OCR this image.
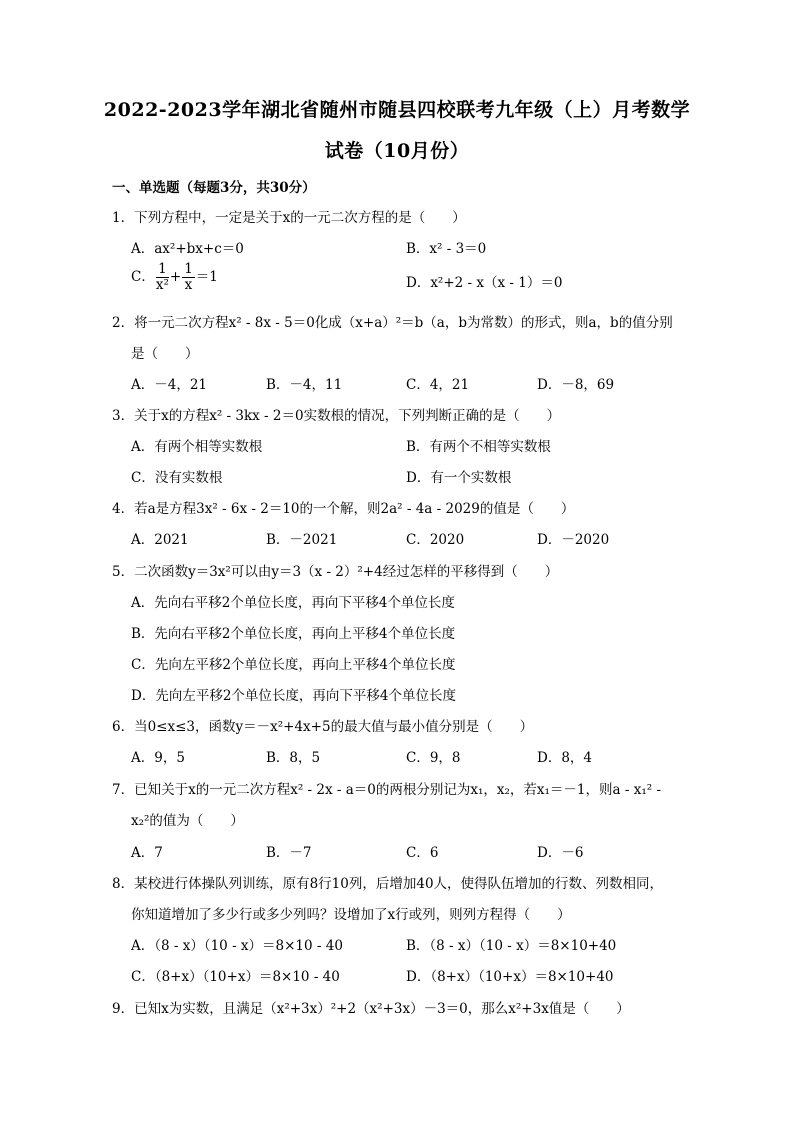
2022-2023学年湖北省随州市随县四校联考九年级（上）月考数学
试卷（10月份）
一、单选题（每题3分，共30分）
1．下列方程中，一定是关于x的一元二次方程的是（　　）
A．ax²+bx+c＝0	B．x² - 3＝0
C． $\frac{1}{\text{x²}} + \frac{1}{x} =1$	D．x²+2 - x（x - 1）＝0
2．将一元二次方程x² - 8x - 5＝0化成（x+a）²＝b（a，b为常数）的形式，则a，b的值分别
是（　　）
A．－4，21	B．－4，11	C．4，21	D．－8，69
3．关于x的方程x² - 3kx - 2＝0实数根的情况，下列判断正确的是（　　）
A．有两个相等实数根	B．有两个不相等实数根
C．没有实数根	D．有一个实数根
4．若a是方程3x² - 6x - 2＝10的一个解，则2a² - 4a - 2029的值是（　　）
A．2021	B．－2021	C．2020	D．－2020
5．二次函数y＝3x²可以由y＝3（x - 2）²+4经过怎样的平移得到（　　）
A．先向右平移2个单位长度，再向下平移4个单位长度
B．先向右平移2个单位长度，再向上平移4个单位长度
C．先向左平移2个单位长度，再向上平移4个单位长度
D．先向左平移2个单位长度，再向下平移4个单位长度
6．当0≤x≤3，函数y＝－x²+4x+5的最大值与最小值分别是（　　）
A．9，5	B．8，5	C．9，8	D．8，4
7．已知关于x的一元二次方程x² - 2x - a＝0的两根分别记为x₁，x₂，若x₁＝－1，则a - x₁² -
x₂²的值为（　　）
A．7	B．－7	C．6	D．－6
8．某校进行体操队列训练，原有8行10列，后增加40人，使得队伍增加的行数、列数相同，
你知道增加了多少行或多少列吗？设增加了x行或列，则列方程得（　　）
A．（8 - x）（10 - x）＝8×10 - 40	B．（8 - x）（10 - x）＝8×10+40
C．（8+x）（10+x）＝8×10 - 40	D．（8+x）（10+x）＝8×10+40
9．已知x为实数，且满足（x²+3x）²+2（x²+3x）－3＝0，那么x²+3x值是（　　）
